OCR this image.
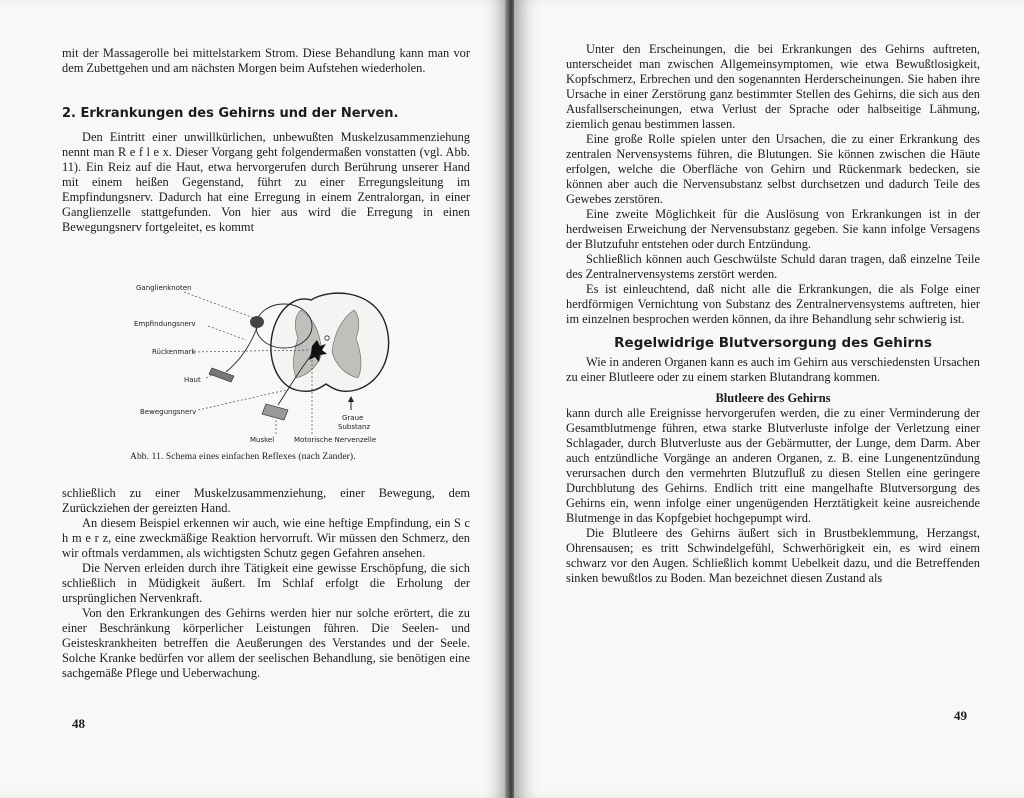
mit der Massagerolle bei mittelstarkem Strom. Diese Behandlung kann man vor dem Zubettgehen und am nächsten Morgen beim Aufstehen wiederholen.

2. Erkrankungen des Gehirns und der Nerven.

Den Eintritt einer unwillkürlichen, unbewußten Muskelzusammenziehung nennt man R e f l e x. Dieser Vorgang geht folgendermaßen vonstatten (vgl. Abb. 11). Ein Reiz auf die Haut, etwa hervorgerufen durch Berührung unserer Hand mit einem heißen Gegenstand, führt zu einer Erregungsleitung im Empfindungsnerv. Dadurch hat eine Erregung in einem Zentralorgan, in einer Ganglienzelle stattgefunden. Von hier aus wird die Erregung in einen Bewegungsnerv fortgeleitet, es kommt

Ganglienknoten
Empfindungsnerv
Rückenmark
Haut
Bewegungsnerv
Muskel	Motorische Nervenzelle
Graue
Substanz
Abb. 11. Schema eines einfachen Reflexes (nach Zander).

schließlich zu einer Muskelzusammenziehung, einer Bewegung, dem Zurückziehen der gereizten Hand.

An diesem Beispiel erkennen wir auch, wie eine heftige Empfindung, ein S c h m e r z, eine zweckmäßige Reaktion hervorruft. Wir müssen den Schmerz, den wir oftmals verdammen, als wichtigsten Schutz gegen Gefahren ansehen.

Die Nerven erleiden durch ihre Tätigkeit eine gewisse Erschöpfung, die sich schließlich in Müdigkeit äußert. Im Schlaf erfolgt die Erholung der ursprünglichen Nervenkraft.

Von den Erkrankungen des Gehirns werden hier nur solche erörtert, die zu einer Beschränkung körperlicher Leistungen führen. Die Seelen- und Geisteskrankheiten betreffen die Aeußerungen des Verstandes und der Seele. Solche Kranke bedürfen vor allem der seelischen Behandlung, sie benötigen eine sachgemäße Pflege und Ueberwachung.

48

Unter den Erscheinungen, die bei Erkrankungen des Gehirns auftreten, unterscheidet man zwischen Allgemeinsymptomen, wie etwa Bewußtlosigkeit, Kopfschmerz, Erbrechen und den sogenannten Herderscheinungen. Sie haben ihre Ursache in einer Zerstörung ganz bestimmter Stellen des Gehirns, die sich aus den Ausfallserscheinungen, etwa Verlust der Sprache oder halbseitige Lähmung, ziemlich genau bestimmen lassen.

Eine große Rolle spielen unter den Ursachen, die zu einer Erkrankung des zentralen Nervensystems führen, die Blutungen. Sie können zwischen die Häute erfolgen, welche die Oberfläche von Gehirn und Rückenmark bedecken, sie können aber auch die Nervensubstanz selbst durchsetzen und dadurch Teile des Gewebes zerstören.

Eine zweite Möglichkeit für die Auslösung von Erkrankungen ist in der herdweisen Erweichung der Nervensubstanz gegeben. Sie kann infolge Versagens der Blutzufuhr entstehen oder durch Entzündung.

Schließlich können auch Geschwülste Schuld daran tragen, daß einzelne Teile des Zentralnervensystems zerstört werden.

Es ist einleuchtend, daß nicht alle die Erkrankungen, die als Folge einer herdförmigen Vernichtung von Substanz des Zentralnervensystems auftreten, hier im einzelnen besprochen werden können, da ihre Behandlung sehr schwierig ist.

Regelwidrige Blutversorgung des Gehirns

Wie in anderen Organen kann es auch im Gehirn aus verschiedensten Ursachen zu einer Blutleere oder zu einem starken Blutandrang kommen.

Blutleere des Gehirns

kann durch alle Ereignisse hervorgerufen werden, die zu einer Verminderung der Gesamtblutmenge führen, etwa starke Blutverluste infolge der Verletzung einer Schlagader, durch Blutverluste aus der Gebärmutter, der Lunge, dem Darm. Aber auch entzündliche Vorgänge an anderen Organen, z. B. eine Lungenentzündung verursachen durch den vermehrten Blutzufluß zu diesen Stellen eine geringere Durchblutung des Gehirns. Endlich tritt eine mangelhafte Blutversorgung des Gehirns ein, wenn infolge einer ungenügenden Herztätigkeit keine ausreichende Blutmenge in das Kopfgebiet hochgepumpt wird.

Die Blutleere des Gehirns äußert sich in Brustbeklemmung, Herzangst, Ohrensausen; es tritt Schwindelgefühl, Schwerhörigkeit ein, es wird einem schwarz vor den Augen. Schließlich kommt Uebelkeit dazu, und die Betreffenden sinken bewußtlos zu Boden. Man bezeichnet diesen Zustand als

49
